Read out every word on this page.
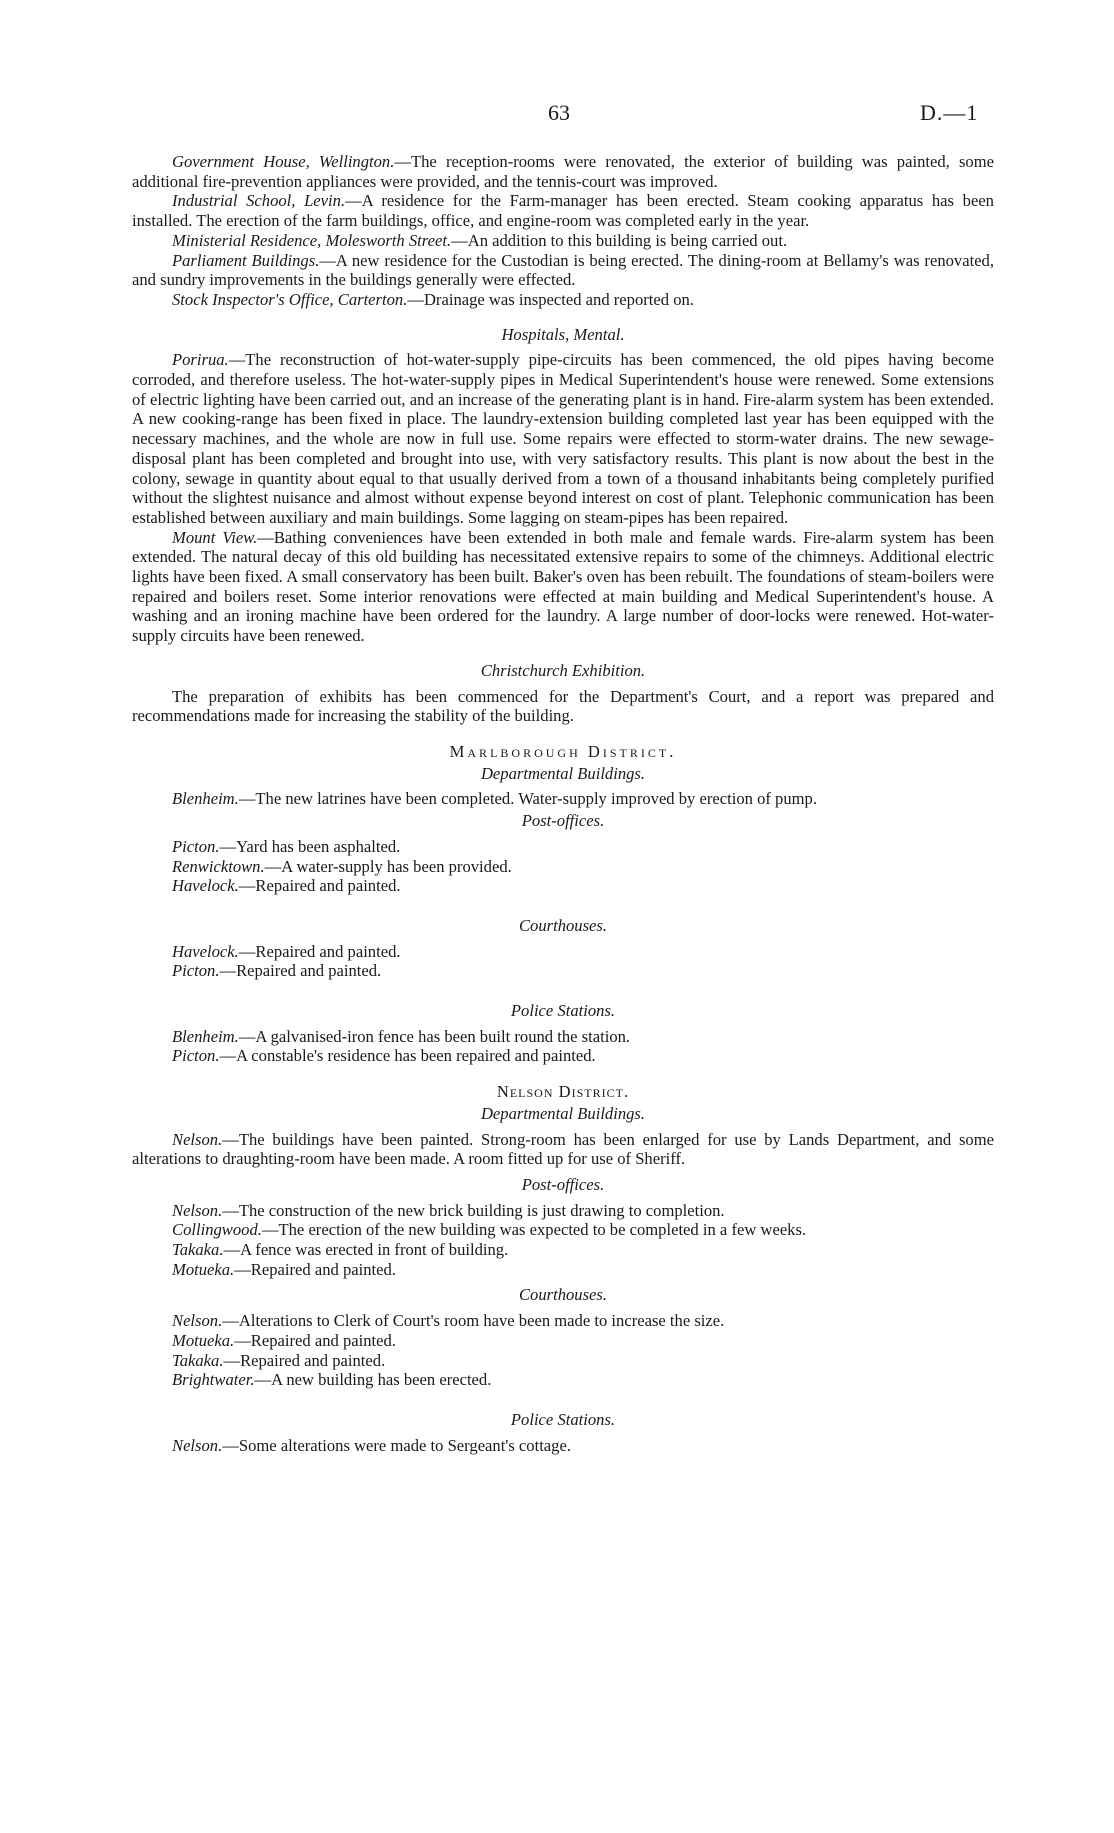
63	D.—1

Government House, Wellington.—The reception-rooms were renovated, the exterior of building was painted, some additional fire-prevention appliances were provided, and the tennis-court was improved.

Industrial School, Levin.—A residence for the Farm-manager has been erected. Steam cooking apparatus has been installed. The erection of the farm buildings, office, and engine-room was completed early in the year.

Ministerial Residence, Molesworth Street.—An addition to this building is being carried out.

Parliament Buildings.—A new residence for the Custodian is being erected. The dining-room at Bellamy's was renovated, and sundry improvements in the buildings generally were effected.

Stock Inspector's Office, Carterton.—Drainage was inspected and reported on.

Hospitals, Mental.

Porirua.—The reconstruction of hot-water-supply pipe-circuits has been commenced, the old pipes having become corroded, and therefore useless. The hot-water-supply pipes in Medical Superintendent's house were renewed. Some extensions of electric lighting have been carried out, and an increase of the generating plant is in hand. Fire-alarm system has been extended. A new cooking-range has been fixed in place. The laundry-extension building completed last year has been equipped with the necessary machines, and the whole are now in full use. Some repairs were effected to storm-water drains. The new sewage-disposal plant has been completed and brought into use, with very satisfactory results. This plant is now about the best in the colony, sewage in quantity about equal to that usually derived from a town of a thousand inhabitants being completely purified without the slightest nuisance and almost without expense beyond interest on cost of plant. Telephonic communication has been established between auxiliary and main buildings. Some lagging on steam-pipes has been repaired.

Mount View.—Bathing conveniences have been extended in both male and female wards. Fire-alarm system has been extended. The natural decay of this old building has necessitated extensive repairs to some of the chimneys. Additional electric lights have been fixed. A small conservatory has been built. Baker's oven has been rebuilt. The foundations of steam-boilers were repaired and boilers reset. Some interior renovations were effected at main building and Medical Superintendent's house. A washing and an ironing machine have been ordered for the laundry. A large number of door-locks were renewed. Hot-water-supply circuits have been renewed.

Christchurch Exhibition.

The preparation of exhibits has been commenced for the Department's Court, and a report was prepared and recommendations made for increasing the stability of the building.

Marlborough District.
Departmental Buildings.

Blenheim.—The new latrines have been completed. Water-supply improved by erection of pump.

Post-offices.

Picton.—Yard has been asphalted.

Renwicktown.—A water-supply has been provided.

Havelock.—Repaired and painted.

Courthouses.

Havelock.—Repaired and painted.

Picton.—Repaired and painted.

Police Stations.

Blenheim.—A galvanised-iron fence has been built round the station.

Picton.—A constable's residence has been repaired and painted.

Nelson District.
Departmental Buildings.

Nelson.—The buildings have been painted. Strong-room has been enlarged for use by Lands Department, and some alterations to draughting-room have been made. A room fitted up for use of Sheriff.

Post-offices.

Nelson.—The construction of the new brick building is just drawing to completion.

Collingwood.—The erection of the new building was expected to be completed in a few weeks.

Takaka.—A fence was erected in front of building.

Motueka.—Repaired and painted.

Courthouses.

Nelson.—Alterations to Clerk of Court's room have been made to increase the size.

Motueka.—Repaired and painted.

Takaka.—Repaired and painted.

Brightwater.—A new building has been erected.

Police Stations.

Nelson.—Some alterations were made to Sergeant's cottage.
